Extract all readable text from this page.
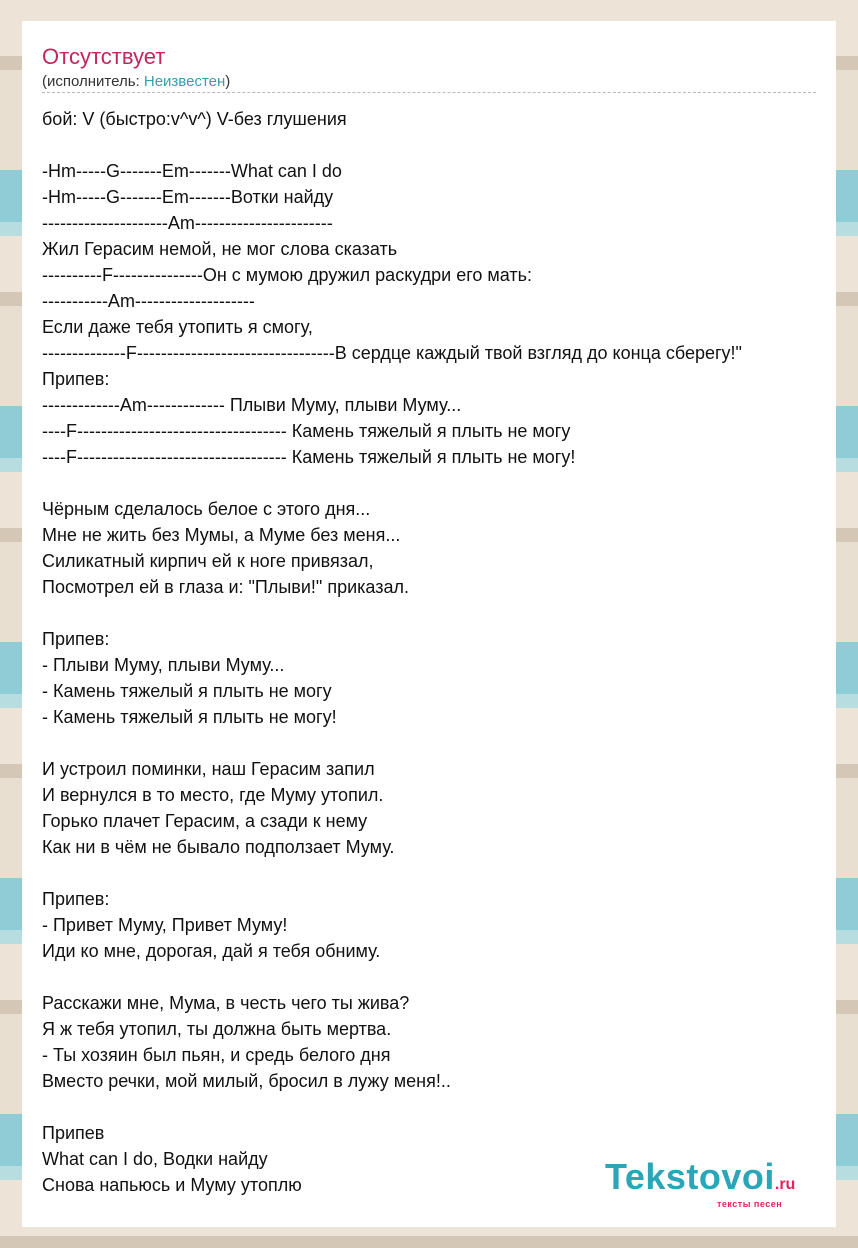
Отсутствует
(исполнитель: Неизвестен)
бой: V (быстро:v^v^) V-без глушения
-Hm-----G-------Em-------What can I do
-Hm-----G-------Em-------Вотки найду
---------------------Am-----------------------
Жил Герасим немой, не мог слова сказать
----------F---------------Он с мумою дружил раскудри его мать:
-----------Am--------------------
Если даже тебя утопить я смогу,
--------------F---------------------------------В сердце каждый твой взгляд до конца сберегу!"
Припев:
-------------Am------------- Плыви Муму, плыви Муму...
----F----------------------------------- Камень тяжелый я плыть не могу
----F----------------------------------- Камень тяжелый я плыть не могу!
Чёрным сделалось белое с этого дня...
Мне не жить без Мумы, а Муме без меня...
Силикатный кирпич ей к ноге привязал,
Посмотрел ей в глаза и: "Плыви!" приказал.
Припев:
- Плыви Муму, плыви Муму...
- Камень тяжелый я плыть не могу
- Камень тяжелый я плыть не могу!
И устроил поминки, наш Герасим запил
И вернулся в то место, где Муму утопил.
Горько плачет Герасим, а сзади к нему
Как ни в чём не бывало подползает Муму.
Припев:
- Привет Муму, Привет Муму!
Иди ко мне, дорогая, дай я тебя обниму.
Расскажи мне, Мума, в честь чего ты жива?
Я ж тебя утопил, ты должна быть мертва.
- Ты хозяин был пьян, и средь белого дня
Вместо речки, мой милый, бросил в лужу меня!..
Припев
What can I do, Водки найду
Снова напьюсь и Муму утоплю	Tekstovoi.ru
тексты песен
